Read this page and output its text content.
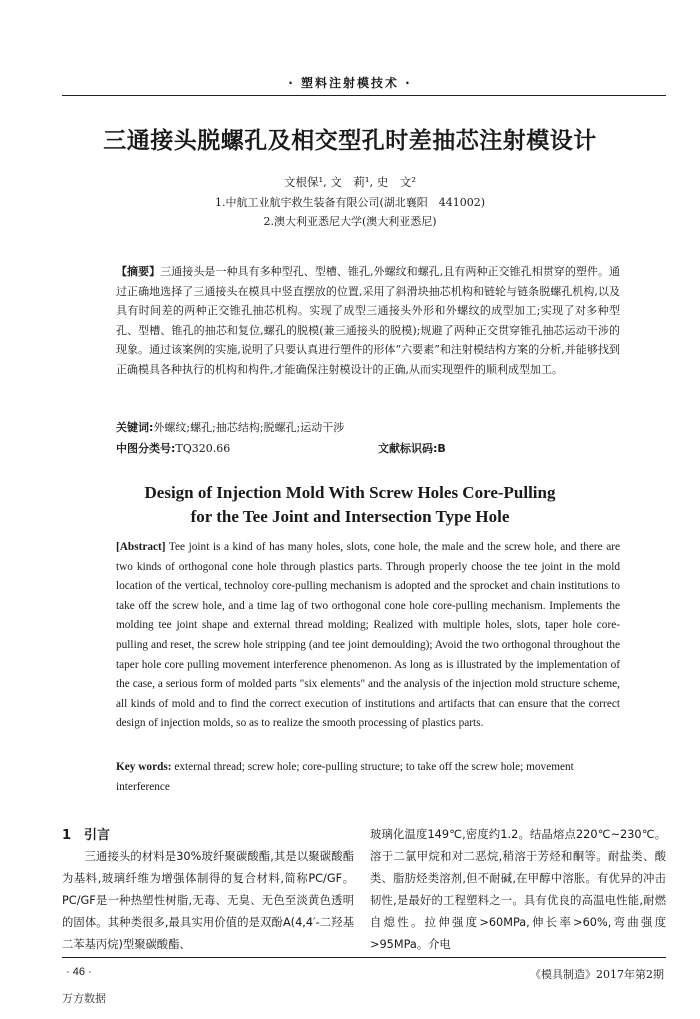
· 塑料注射模技术 ·
三通接头脱螺孔及相交型孔时差抽芯注射模设计
文根保¹, 文　莉¹, 史　文²
1.中航工业航宇救生装备有限公司(湖北襄阳　441002)
2.澳大利亚悉尼大学(澳大利亚悉尼)

【摘要】三通接头是一种具有多种型孔、型槽、锥孔,外螺纹和螺孔,且有两种正交锥孔相贯穿的塑件。通过正确地选择了三通接头在模具中竖直摆放的位置,采用了斜滑块抽芯机构和链轮与链条脱螺孔机构,以及具有时间差的两种正交锥孔抽芯机构。实现了成型三通接头外形和外螺纹的成型加工;实现了对多种型孔、型槽、锥孔的抽芯和复位,螺孔的脱模(兼三通接头的脱模);规避了两种正交贯穿锥孔抽芯运动干涉的现象。通过该案例的实施,说明了只要认真进行塑件的形体“六要素”和注射模结构方案的分析,并能够找到正确模具各种执行的机构和构件,才能确保注射模设计的正确,从而实现塑件的顺利成型加工。

关键词:外螺纹;螺孔;抽芯结构;脱螺孔;运动干涉
中图分类号:TQ320.66	文献标识码:B
Design of Injection Mold With Screw Holes Core-Pulling
for the Tee Joint and Intersection Type Hole

[Abstract] Tee joint is a kind of has many holes, slots, cone hole, the male and the screw hole, and there are two kinds of orthogonal cone hole through plastics parts. Through properly choose the tee joint in the mold location of the vertical, technoloy core-pulling mechanism is adopted and the sprocket and chain institutions to take off the screw hole, and a time lag of two orthogonal cone hole core-pulling mechanism. Implements the molding tee joint shape and external thread molding; Realized with multiple holes, slots, taper hole core-pulling and reset, the screw hole stripping (and tee joint demoulding); Avoid the two orthogonal throughout the taper hole core pulling movement interference phenomenon. As long as is illustrated by the implementation of the case, a serious form of molded parts "six elements" and the analysis of the injection mold structure scheme, all kinds of mold and to find the correct execution of institutions and artifacts that can ensure that the correct design of injection molds, so as to realize the smooth processing of plastics parts.

Key words: external thread; screw hole; core-pulling structure; to take off the screw hole; movement interference

1　引言

三通接头的材料是30%玻纤聚碳酸酯,其是以聚碳酸酯为基料,玻璃纤维为增强体制得的复合材料,简称PC/GF。PC/GF是一种热塑性树脂,无毒、无臭、无色至淡黄色透明的固体。其种类很多,最具实用价值的是双酚A(4,4′-二羟基二苯基丙烷)型聚碳酸酯、

玻璃化温度149℃,密度约1.2。结晶熔点220℃~230℃。溶于二氯甲烷和对二恶烷,稍溶于芳烃和酮等。耐盐类、酸类、脂肪烃类溶剂,但不耐碱,在甲醇中溶胀。有优异的冲击韧性,是最好的工程塑料之一。具有优良的高温电性能,耐燃自熄性。拉伸强度>60MPa,伸长率>60%,弯曲强度>95MPa。介电

· 46 ·	《模具制造》2017年第2期
万方数据
